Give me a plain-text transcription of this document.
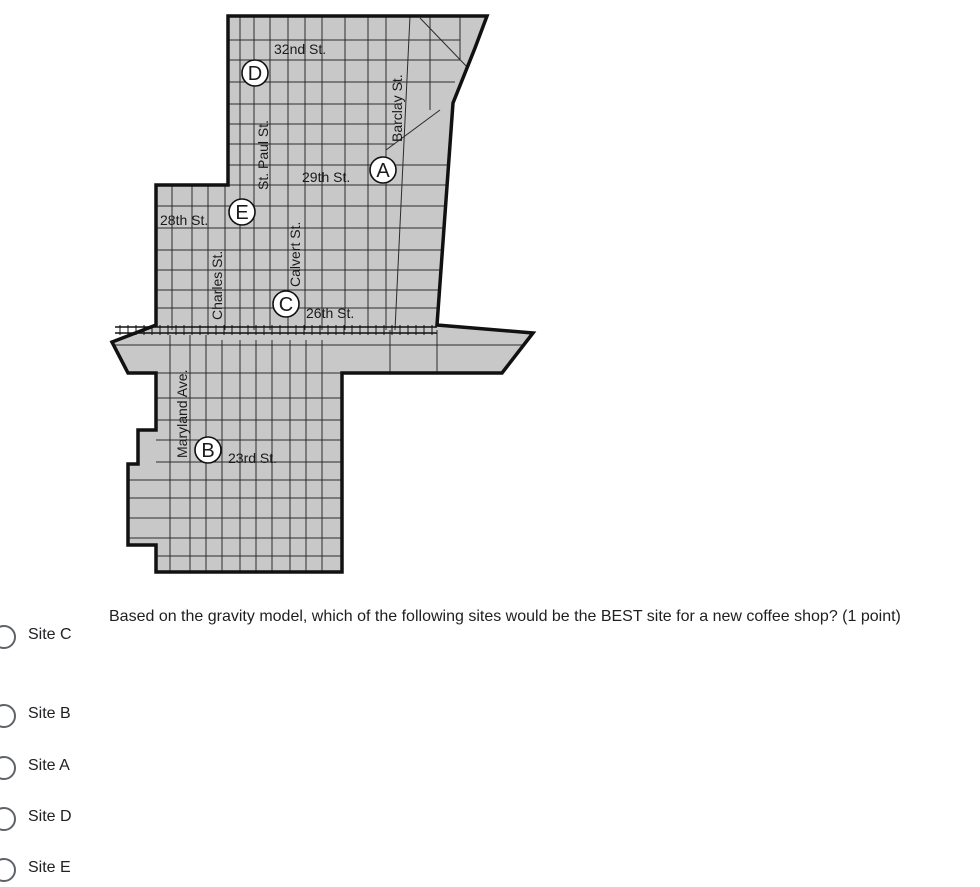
32nd St.
Barclay St.
St. Paul St. 29th St.
28th St.
Calvert St.
Charles St.	26th St.
Maryland Ave.	23rd St.
D
A
E
C
B
Based on the gravity model, which of the following sites would be the BEST site for a new coffee shop? (1 point)
Site C
Site B
Site A
Site D
Site E
